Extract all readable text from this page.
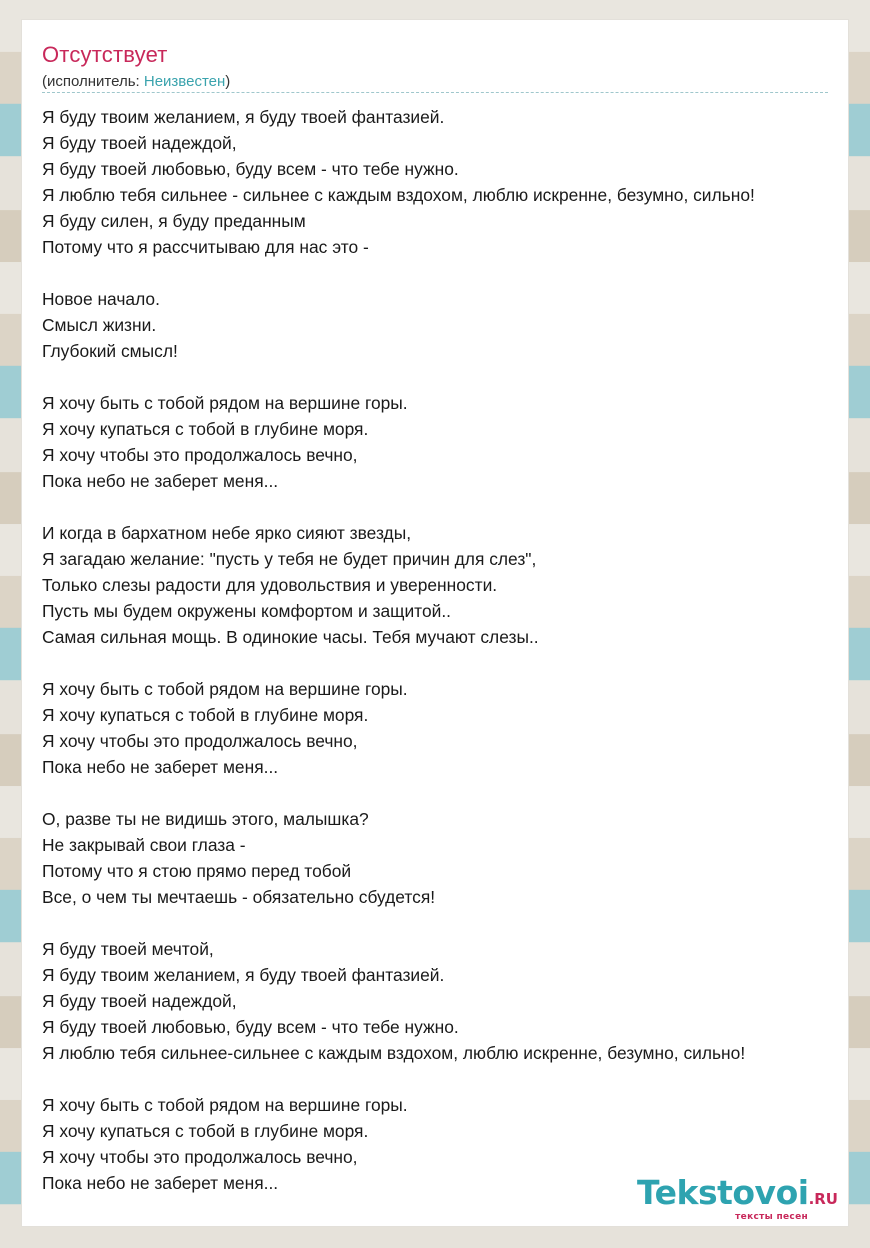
Отсутствует
(исполнитель: Неизвестен)
Я буду твоим желанием, я буду твоей фантазией.
Я буду твоей надеждой,
Я буду твоей любовью, буду всем - что тебе нужно.
Я люблю тебя сильнее - сильнее с каждым вздохом, люблю искренне, безумно, сильно!
Я буду силен, я буду преданным
Потому что я рассчитываю для нас это -
Новое начало.
Смысл жизни.
Глубокий смысл!
Я хочу быть с тобой рядом на вершине горы.
Я хочу купаться с тобой в глубине моря.
Я хочу чтобы это продолжалось вечно,
Пока небо не заберет меня...
И когда в бархатном небе ярко сияют звезды,
Я загадаю желание: "пусть у тебя не будет причин для слез",
Только слезы радости для удовольствия и уверенности.
Пусть мы будем окружены комфортом и защитой..
Самая сильная мощь. В одинокие часы. Тебя мучают слезы..
Я хочу быть с тобой рядом на вершине горы.
Я хочу купаться с тобой в глубине моря.
Я хочу чтобы это продолжалось вечно,
Пока небо не заберет меня...
О, разве ты не видишь этого, малышка?
Не закрывай свои глаза -
Потому что я стою прямо перед тобой
Все, о чем ты мечтаешь - обязательно сбудется!
Я буду твоей мечтой,
Я буду твоим желанием, я буду твоей фантазией.
Я буду твоей надеждой,
Я буду твоей любовью, буду всем - что тебе нужно.
Я люблю тебя сильнее-сильнее с каждым вздохом, люблю искренне, безумно, сильно!
Я хочу быть с тобой рядом на вершине горы.
Я хочу купаться с тобой в глубине моря.
Я хочу чтобы это продолжалось вечно,
Пока небо не заберет меня...	Tekstovoi.RU
тексты песен
